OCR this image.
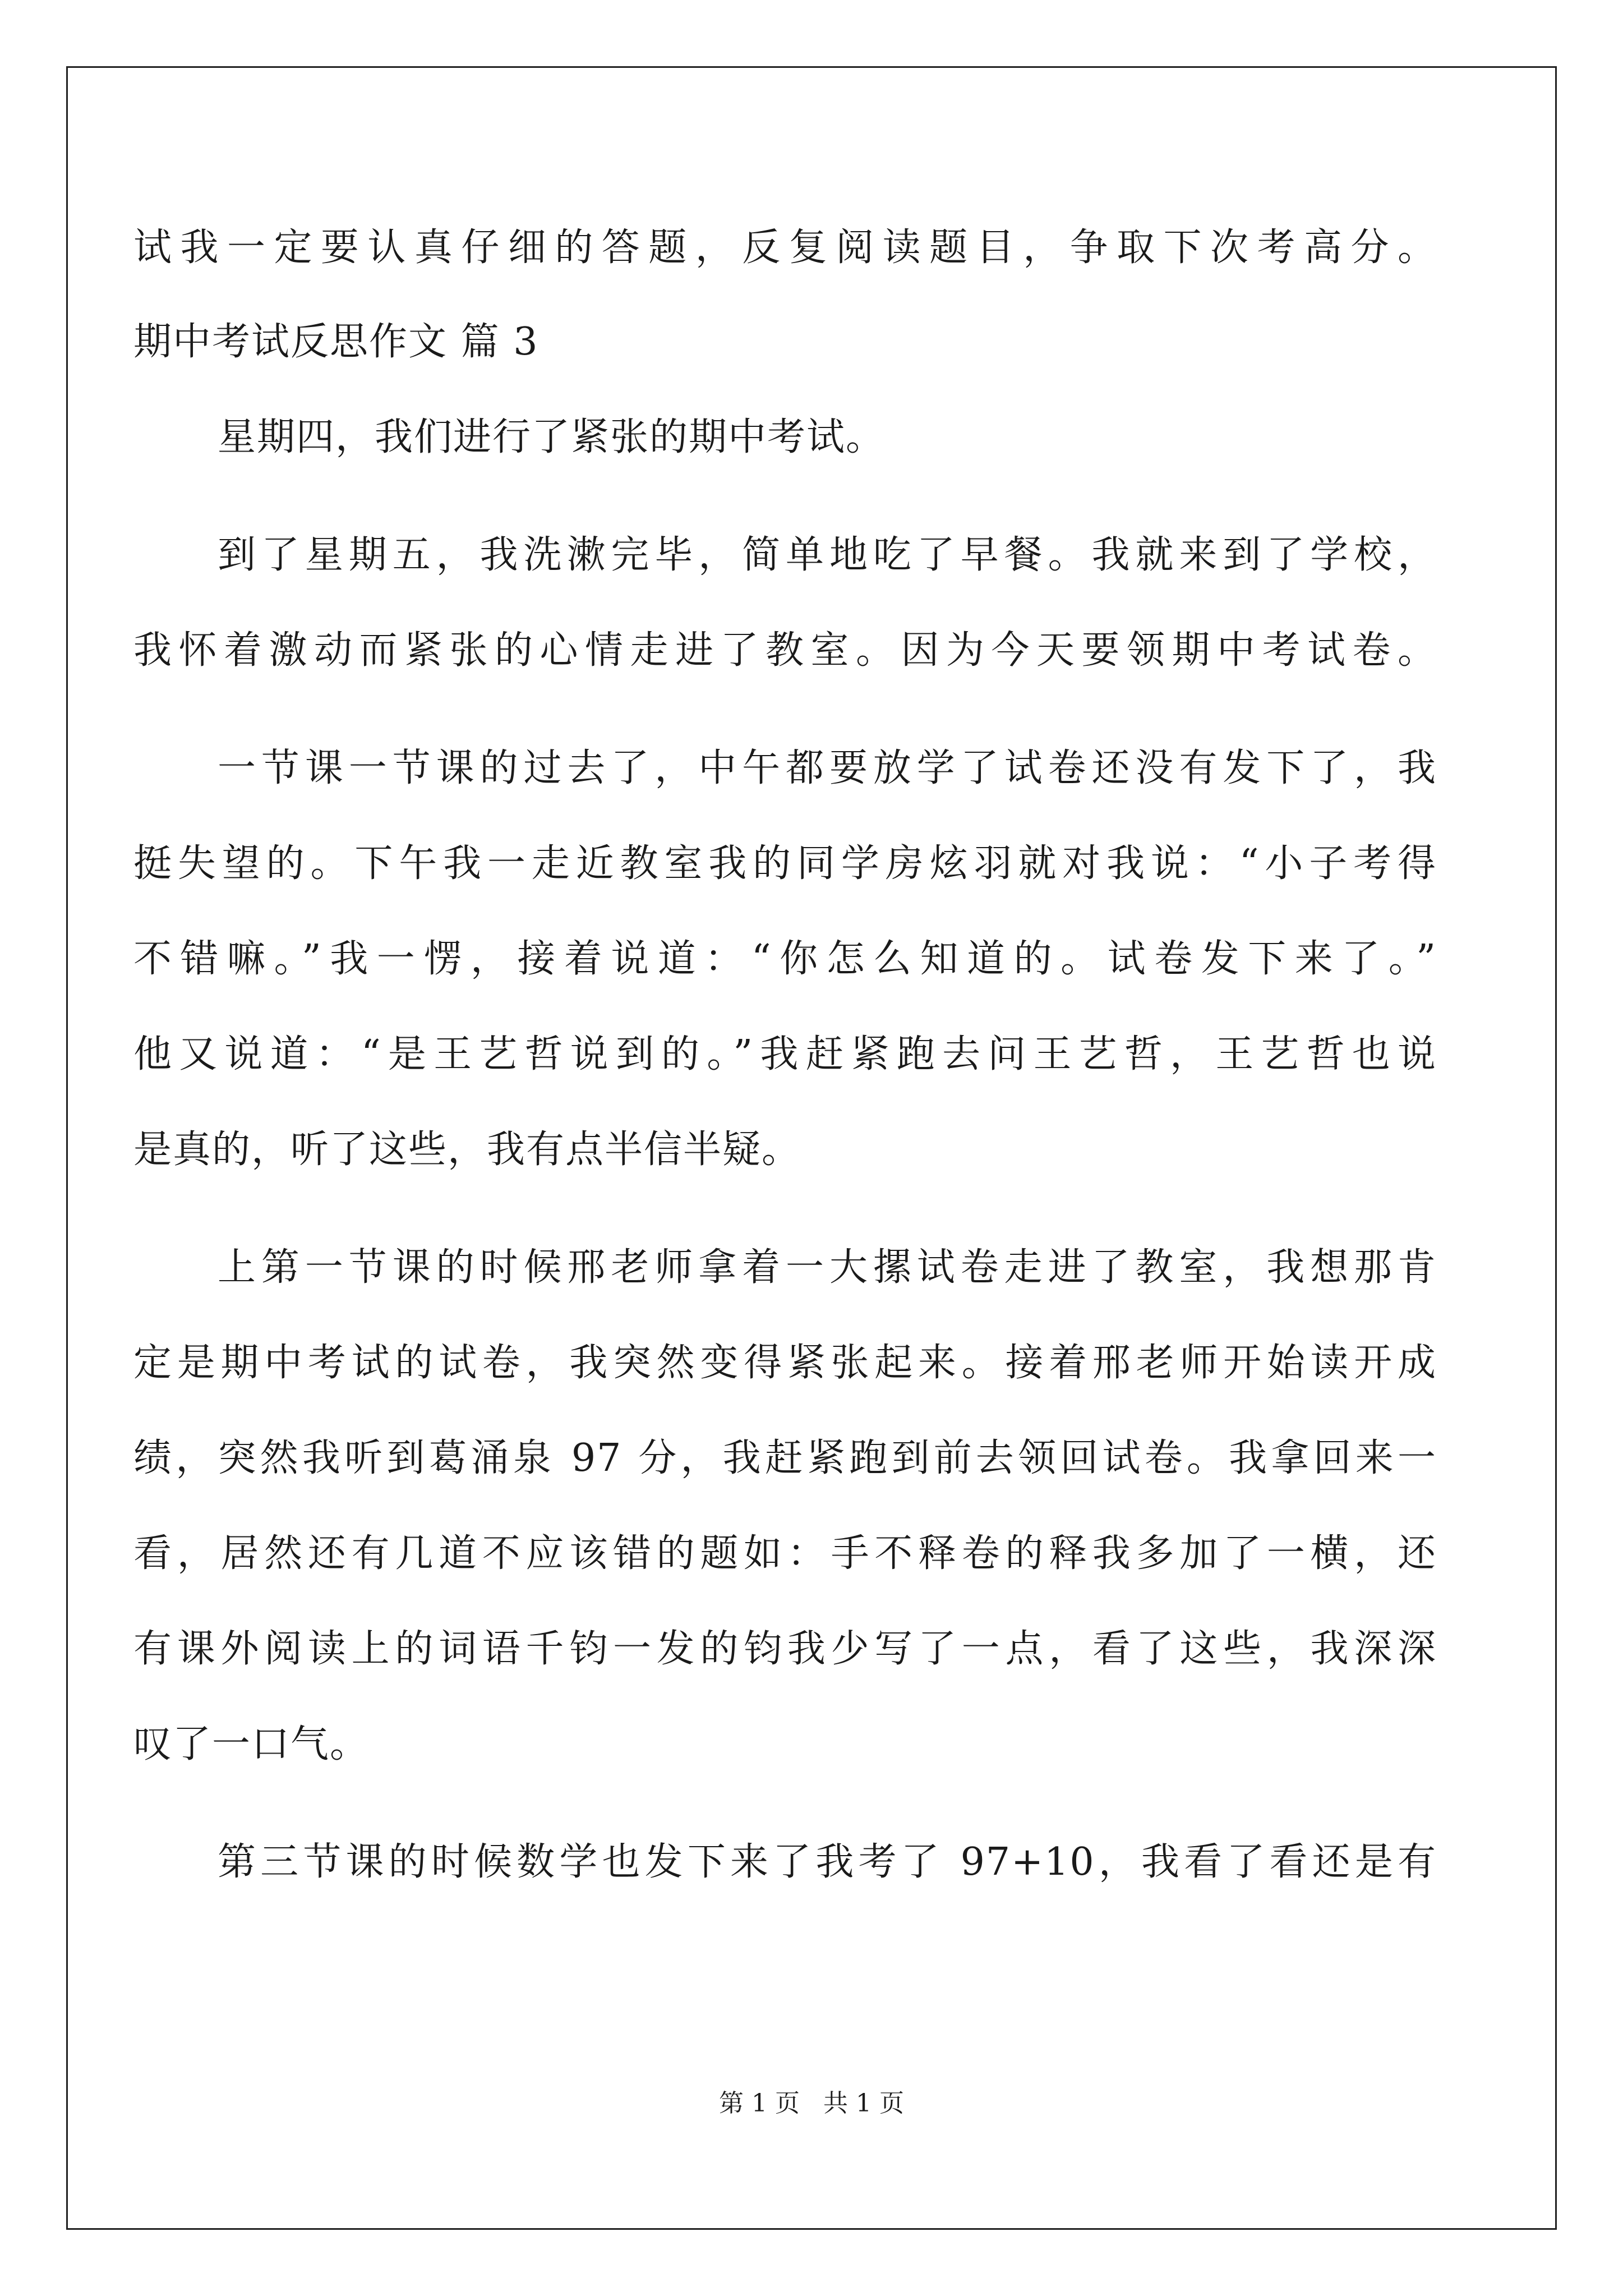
试我一定要认真仔细的答题，反复阅读题目，争取下次考高分。
期中考试反思作文 篇 3
星期四，我们进行了紧张的期中考试。
到了星期五，我洗漱完毕，简单地吃了早餐。我就来到了学校，
我怀着激动而紧张的心情走进了教室。因为今天要领期中考试卷。
一节课一节课的过去了，中午都要放学了试卷还没有发下了，我
挺失望的。下午我一走近教室我的同学房炫羽就对我说：“小子考得
不错嘛。”我一愣，接着说道：“你怎么知道的。试卷发下来了。”
他又说道：“是王艺哲说到的。”我赶紧跑去问王艺哲，王艺哲也说
是真的，听了这些，我有点半信半疑。
上第一节课的时候邢老师拿着一大摞试卷走进了教室，我想那肯
定是期中考试的试卷，我突然变得紧张起来。接着邢老师开始读开成
绩，突然我听到葛涌泉 97 分，我赶紧跑到前去领回试卷。我拿回来一
看，居然还有几道不应该错的题如：手不释卷的释我多加了一横，还
有课外阅读上的词语千钧一发的钧我少写了一点，看了这些，我深深
叹了一口气。
第三节课的时候数学也发下来了我考了 97+10，我看了看还是有
第 1 页 共 1 页
